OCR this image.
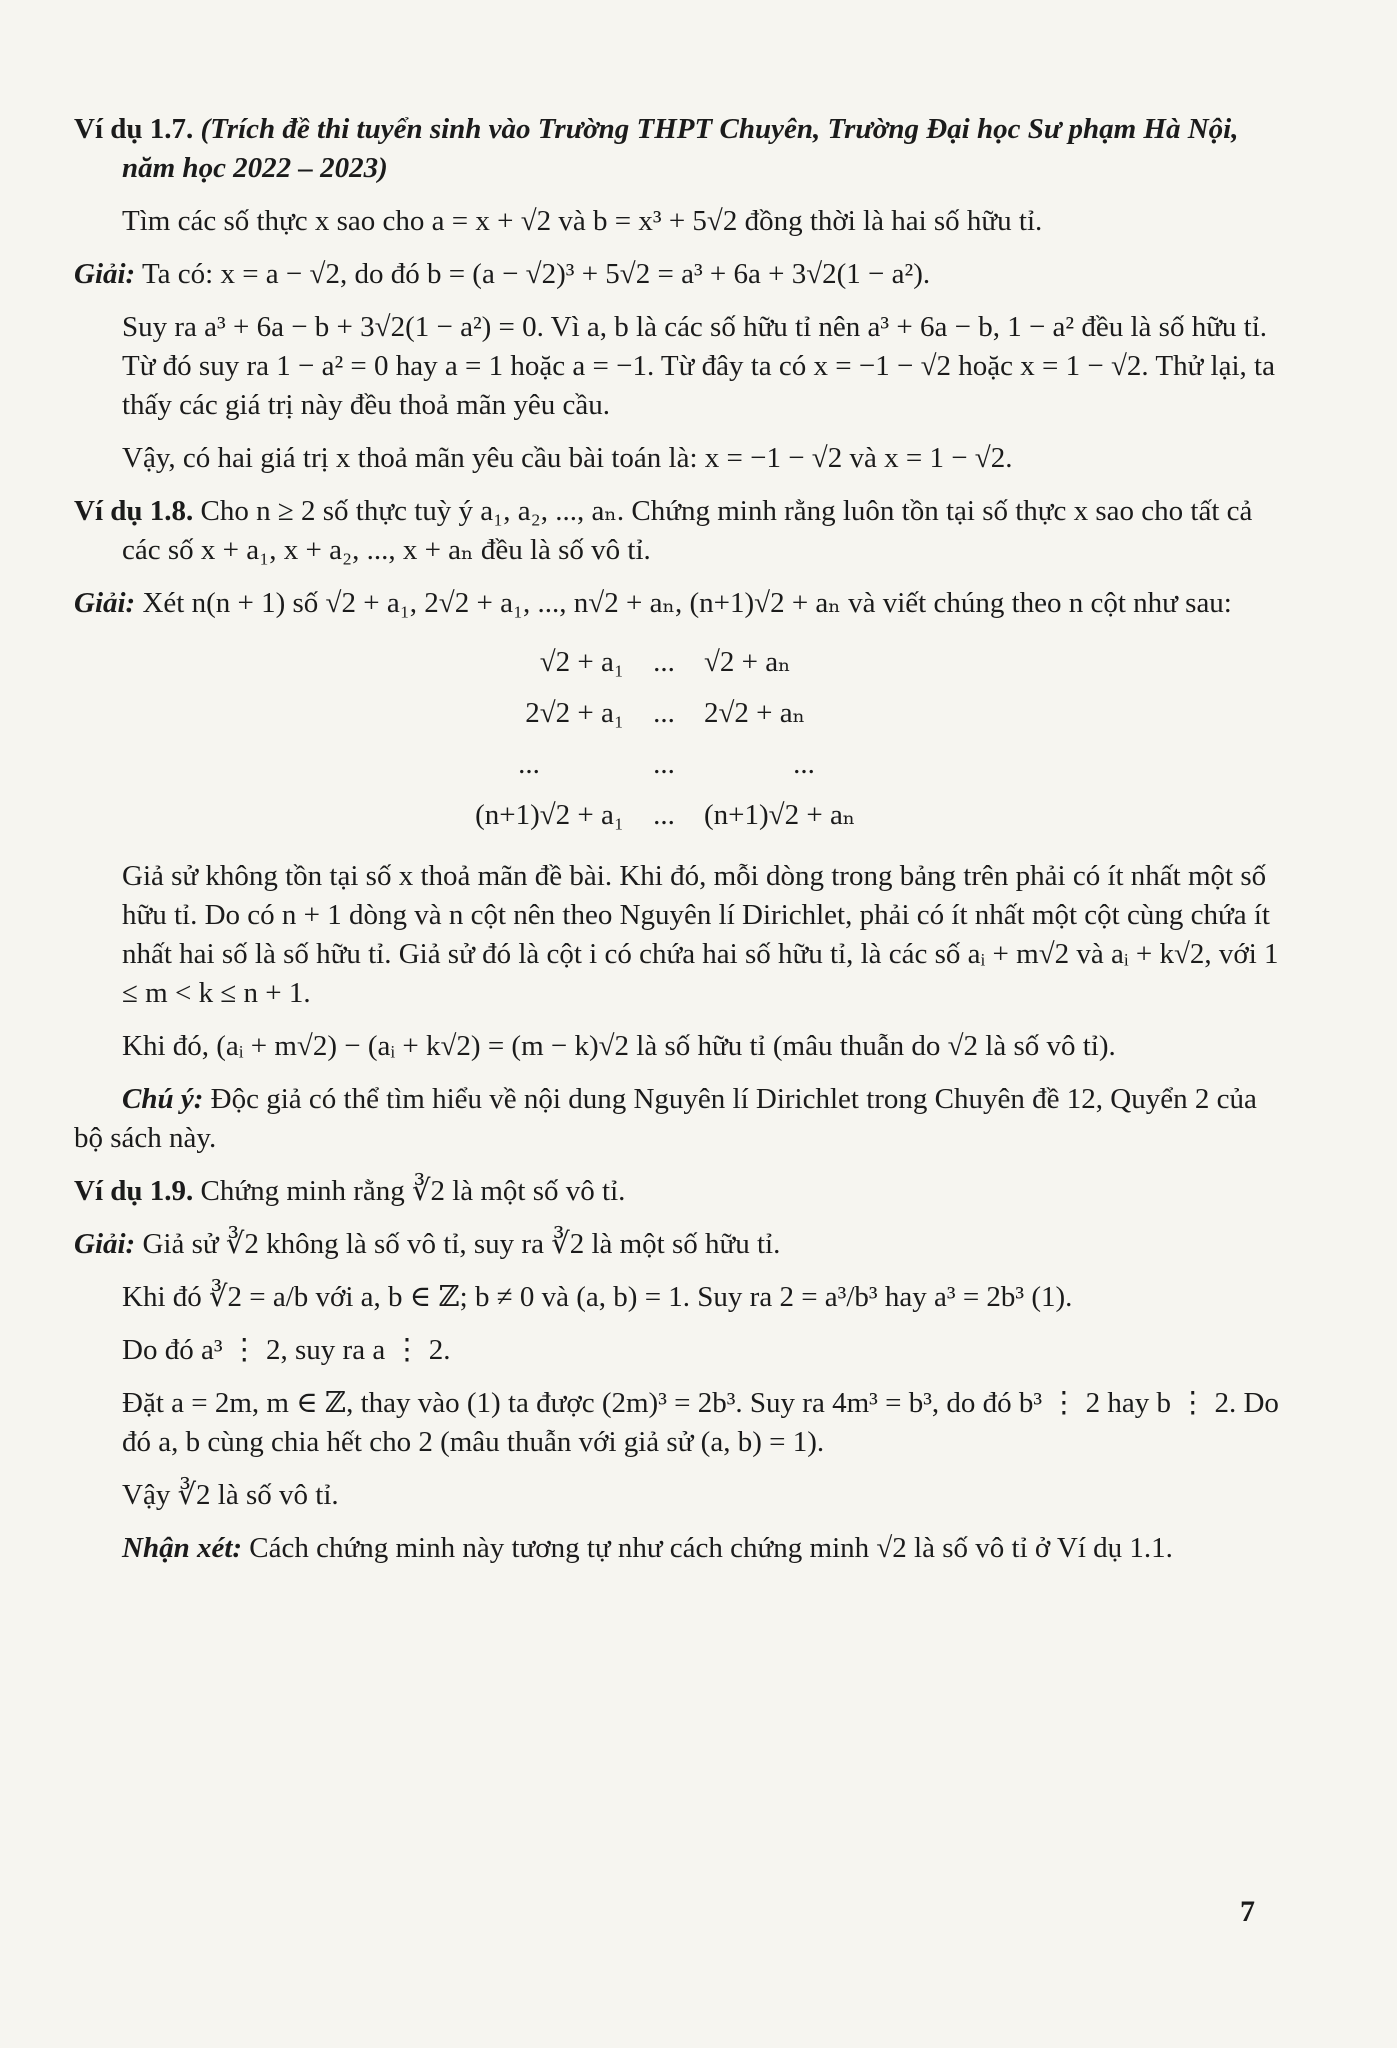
Ví dụ 1.7. (Trích đề thi tuyển sinh vào Trường THPT Chuyên, Trường Đại học Sư phạm Hà Nội, năm học 2022 – 2023)
Tìm các số thực x sao cho a = x + √2 và b = x³ + 5√2 đồng thời là hai số hữu tỉ.
Giải: Ta có: x = a − √2, do đó b = (a − √2)³ + 5√2 = a³ + 6a + 3√2(1 − a²).
Suy ra a³ + 6a − b + 3√2(1 − a²) = 0. Vì a, b là các số hữu tỉ nên a³ + 6a − b, 1 − a² đều là số hữu tỉ. Từ đó suy ra 1 − a² = 0 hay a = 1 hoặc a = −1. Từ đây ta có x = −1 − √2 hoặc x = 1 − √2. Thử lại, ta thấy các giá trị này đều thoả mãn yêu cầu.
Vậy, có hai giá trị x thoả mãn yêu cầu bài toán là: x = −1 − √2 và x = 1 − √2.
Ví dụ 1.8. Cho n ≥ 2 số thực tuỳ ý a₁, a₂, ..., aₙ. Chứng minh rằng luôn tồn tại số thực x sao cho tất cả các số x + a₁, x + a₂, ..., x + aₙ đều là số vô tỉ.
Giải: Xét n(n + 1) số √2 + a₁, 2√2 + a₁, ..., n√2 + aₙ, (n+1)√2 + aₙ và viết chúng theo n cột như sau:
√2 + a₁	...	√2 + aₙ
2√2 + a₁	...	2√2 + aₙ
...	...	...
(n+1)√2 + a₁	...	(n+1)√2 + aₙ
Giả sử không tồn tại số x thoả mãn đề bài. Khi đó, mỗi dòng trong bảng trên phải có ít nhất một số hữu tỉ. Do có n + 1 dòng và n cột nên theo Nguyên lí Dirichlet, phải có ít nhất một cột cùng chứa ít nhất hai số là số hữu tỉ. Giả sử đó là cột i có chứa hai số hữu tỉ, là các số aᵢ + m√2 và aᵢ + k√2, với 1 ≤ m < k ≤ n + 1.
Khi đó, (aᵢ + m√2) − (aᵢ + k√2) = (m − k)√2 là số hữu tỉ (mâu thuẫn do √2 là số vô tỉ).
Chú ý: Độc giả có thể tìm hiểu về nội dung Nguyên lí Dirichlet trong Chuyên đề 12, Quyển 2 của bộ sách này.
Ví dụ 1.9. Chứng minh rằng ∛2 là một số vô tỉ.
Giải: Giả sử ∛2 không là số vô tỉ, suy ra ∛2 là một số hữu tỉ.
Khi đó ∛2 = a/b với a, b ∈ ℤ; b ≠ 0 và (a, b) = 1. Suy ra 2 = a³/b³ hay a³ = 2b³ (1).
Do đó a³ ⋮ 2, suy ra a ⋮ 2.
Đặt a = 2m, m ∈ ℤ, thay vào (1) ta được (2m)³ = 2b³. Suy ra 4m³ = b³, do đó b³ ⋮ 2 hay b ⋮ 2. Do đó a, b cùng chia hết cho 2 (mâu thuẫn với giả sử (a, b) = 1).
Vậy ∛2 là số vô tỉ.
Nhận xét: Cách chứng minh này tương tự như cách chứng minh √2 là số vô tỉ ở Ví dụ 1.1.
7
